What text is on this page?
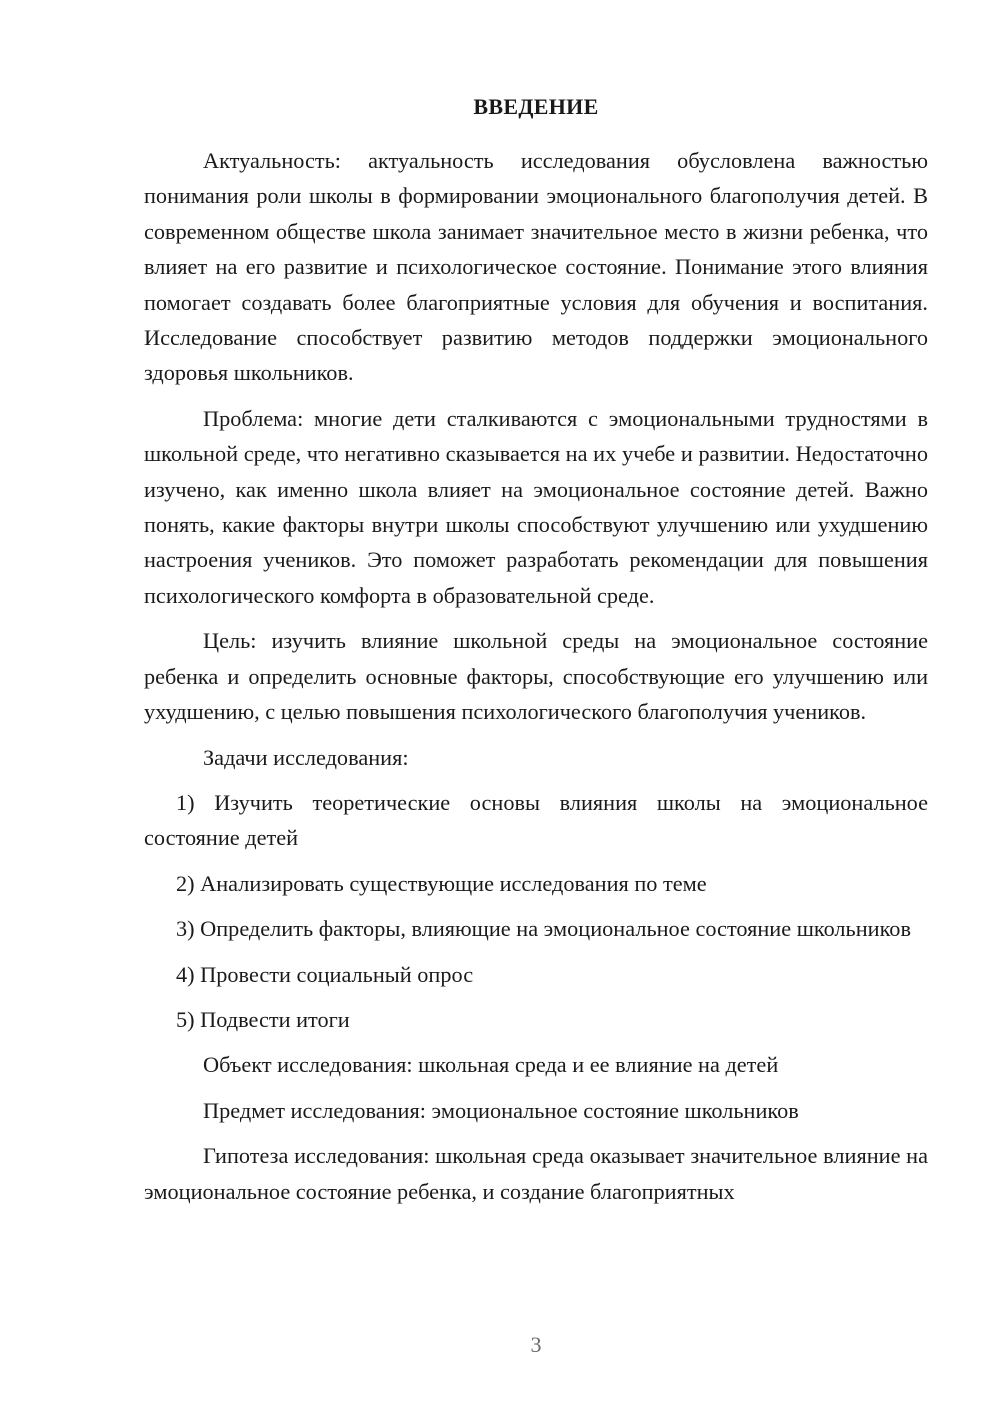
ВВЕДЕНИЕ

Актуальность: актуальность исследования обусловлена важностью понимания роли школы в формировании эмоционального благополучия детей. В современном обществе школа занимает значительное место в жизни ребенка, что влияет на его развитие и психологическое состояние. Понимание этого влияния помогает создавать более благоприятные условия для обучения и воспитания. Исследование способствует развитию методов поддержки эмоционального здоровья школьников.

Проблема: многие дети сталкиваются с эмоциональными трудностями в школьной среде, что негативно сказывается на их учебе и развитии. Недостаточно изучено, как именно школа влияет на эмоциональное состояние детей. Важно понять, какие факторы внутри школы способствуют улучшению или ухудшению настроения учеников. Это поможет разработать рекомендации для повышения психологического комфорта в образовательной среде.

Цель: изучить влияние школьной среды на эмоциональное состояние ребенка и определить основные факторы, способствующие его улучшению или ухудшению, с целью повышения психологического благополучия учеников.

Задачи исследования:

1) Изучить теоретические основы влияния школы на эмоциональное состояние детей

2) Анализировать существующие исследования по теме

3) Определить факторы, влияющие на эмоциональное состояние школьников

4) Провести социальный опрос

5) Подвести итоги

Объект исследования: школьная среда и ее влияние на детей

Предмет исследования: эмоциональное состояние школьников

Гипотеза исследования: школьная среда оказывает значительное влияние на эмоциональное состояние ребенка, и создание благоприятных

3
